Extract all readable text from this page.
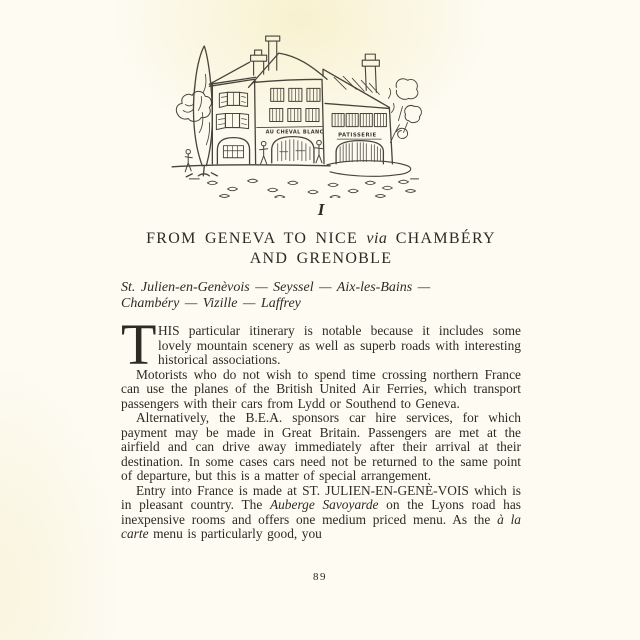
AU CHEVAL BLANC
PATISSERIE
I
FROM GENEVA TO NICE via CHAMBÉRY
AND GRENOBLE
St. Julien-en-Genèvois — Seyssel — Aix-les-Bains —
Chambéry — Vizille — Laffrey

THIS particular itinerary is notable because it includes some lovely mountain scenery as well as superb roads with interesting historical associations.

Motorists who do not wish to spend time crossing northern France can use the planes of the British United Air Ferries, which transport passengers with their cars from Lydd or Southend to Geneva.

Alternatively, the B.E.A. sponsors car hire services, for which payment may be made in Great Britain. Passengers are met at the airfield and can drive away immediately after their arrival at their destination. In some cases cars need not be returned to the same point of departure, but this is a matter of special arrangement.

Entry into France is made at ST. JULIEN-EN-GENÈ-VOIS which is in pleasant country. The Auberge Savoyarde on the Lyons road has inexpensive rooms and offers one medium priced menu. As the à la carte menu is particularly good, you

89
